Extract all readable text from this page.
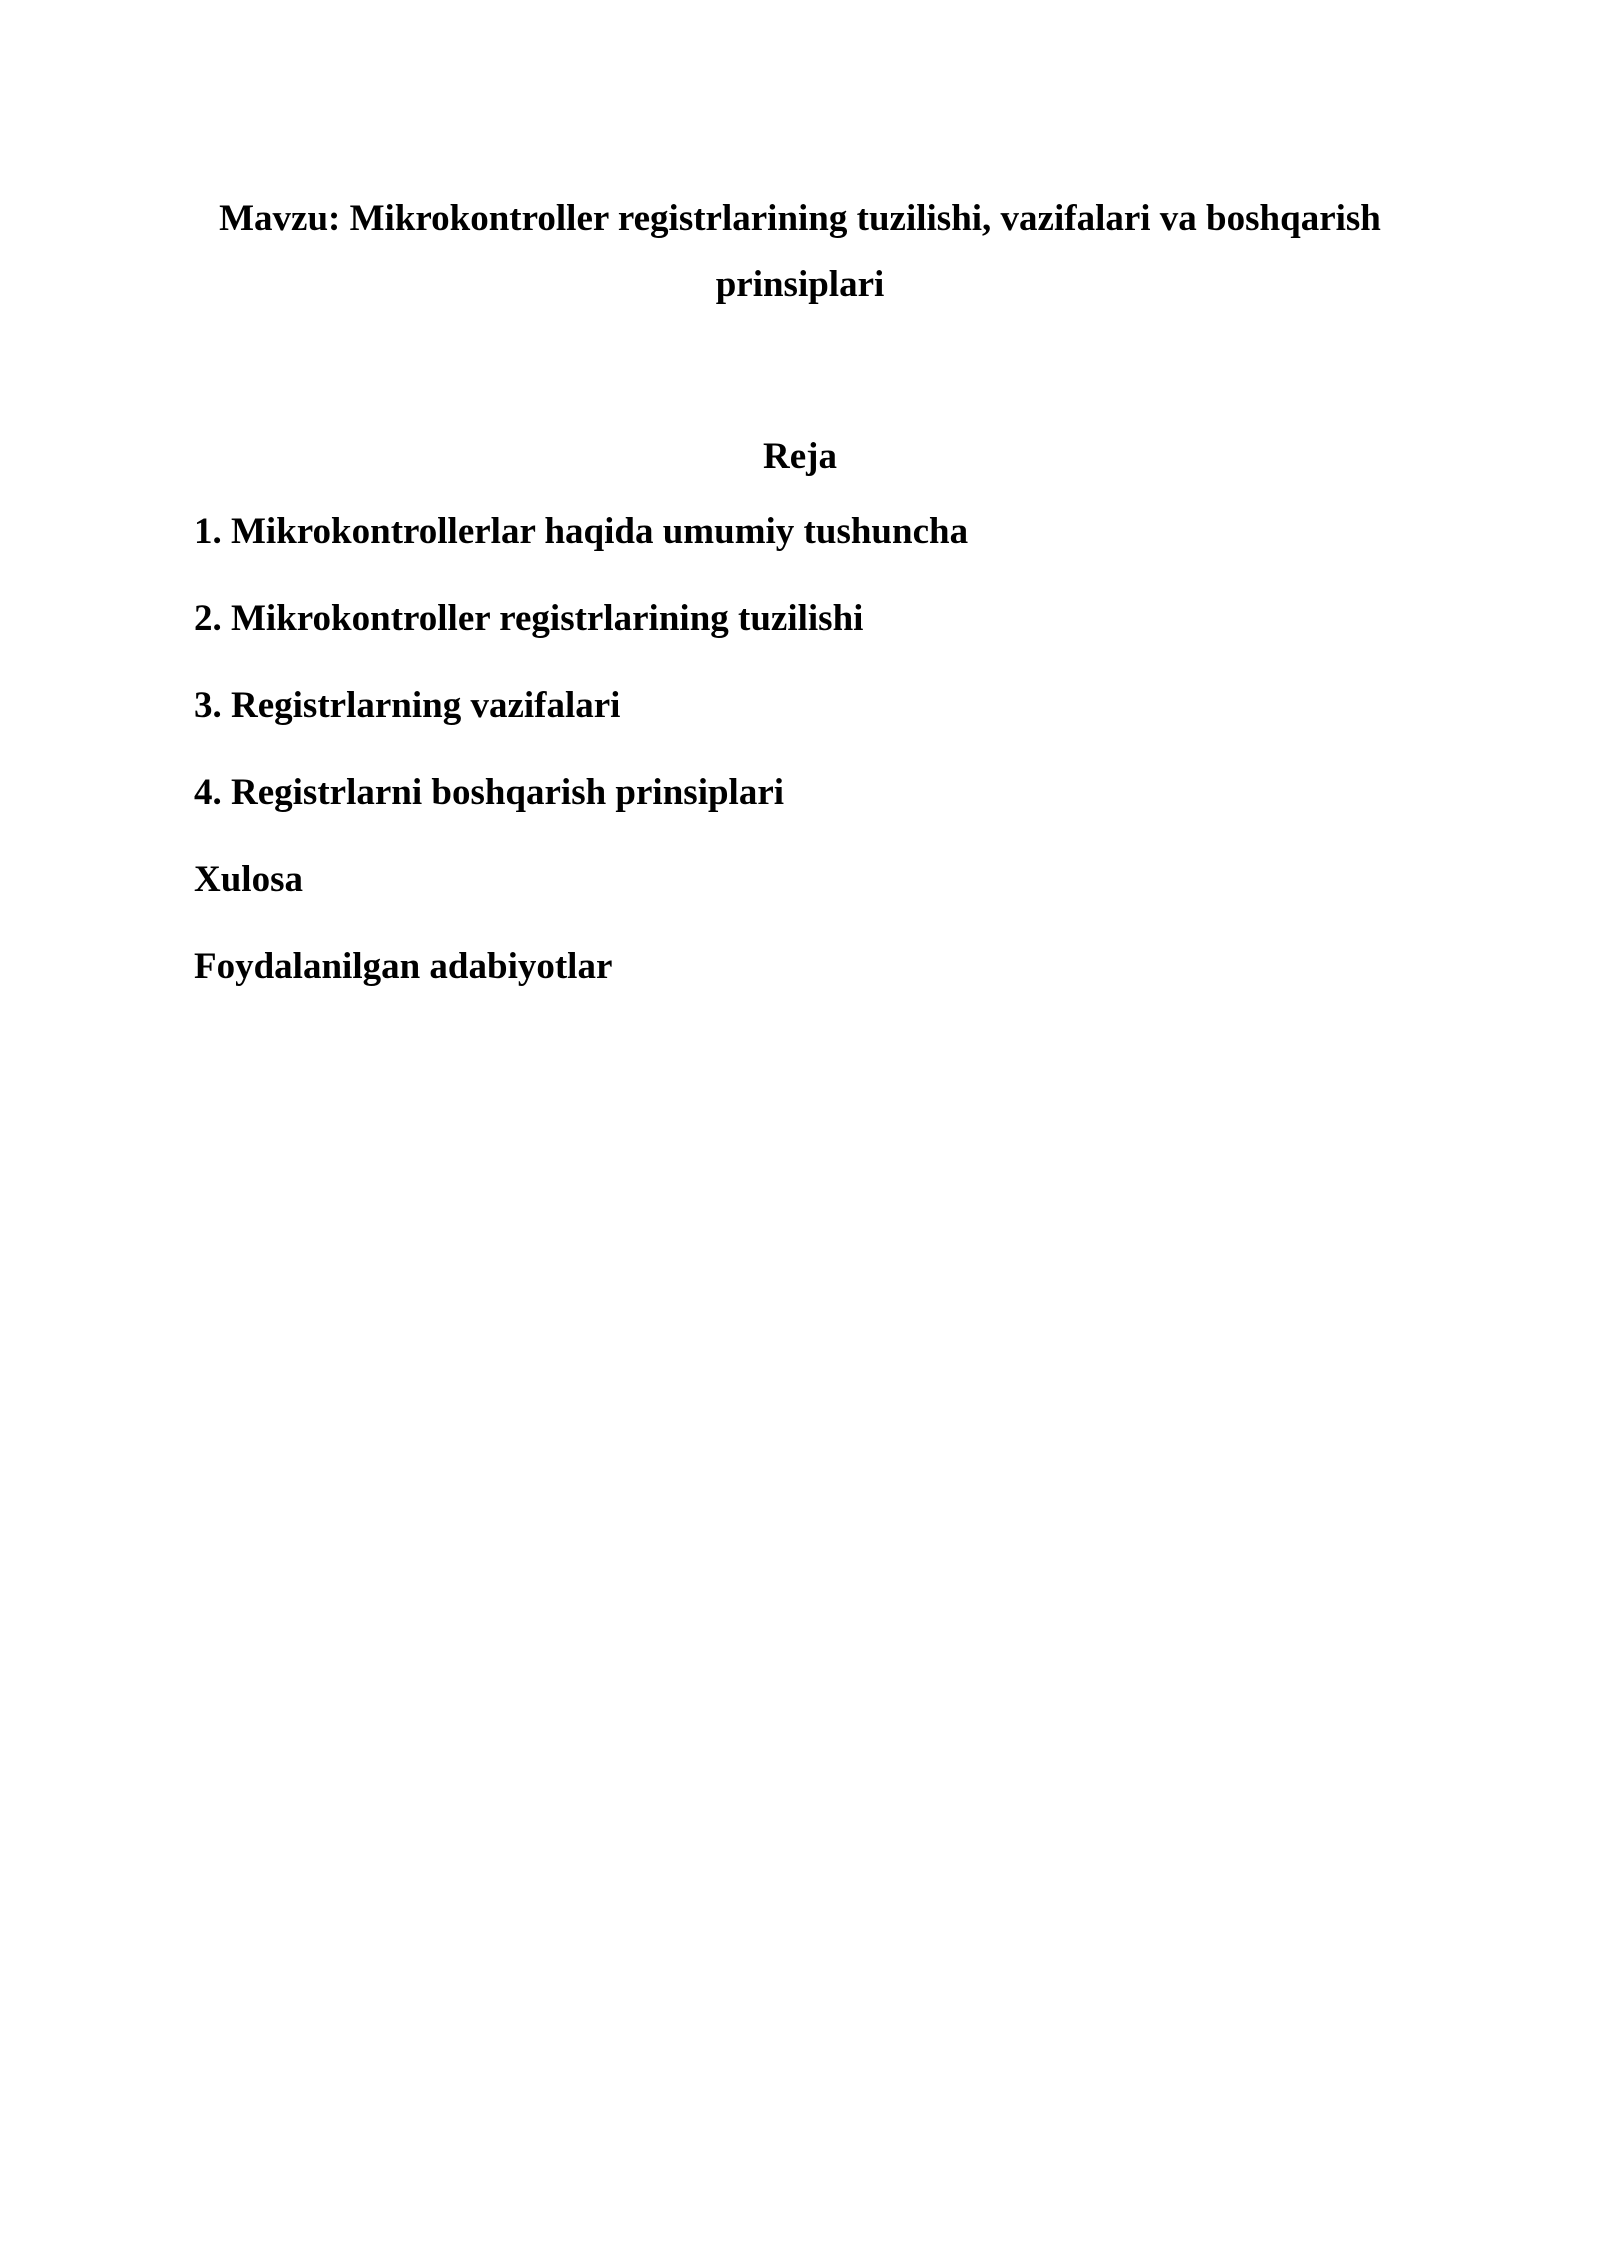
Mavzu: Mikrokontroller registrlarining tuzilishi, vazifalari va boshqarish prinsiplari
Reja
1. Mikrokontrollerlar haqida umumiy tushuncha
2. Mikrokontroller registrlarining tuzilishi
3. Registrlarning vazifalari
4. Registrlarni boshqarish prinsiplari
Xulosa
Foydalanilgan adabiyotlar
